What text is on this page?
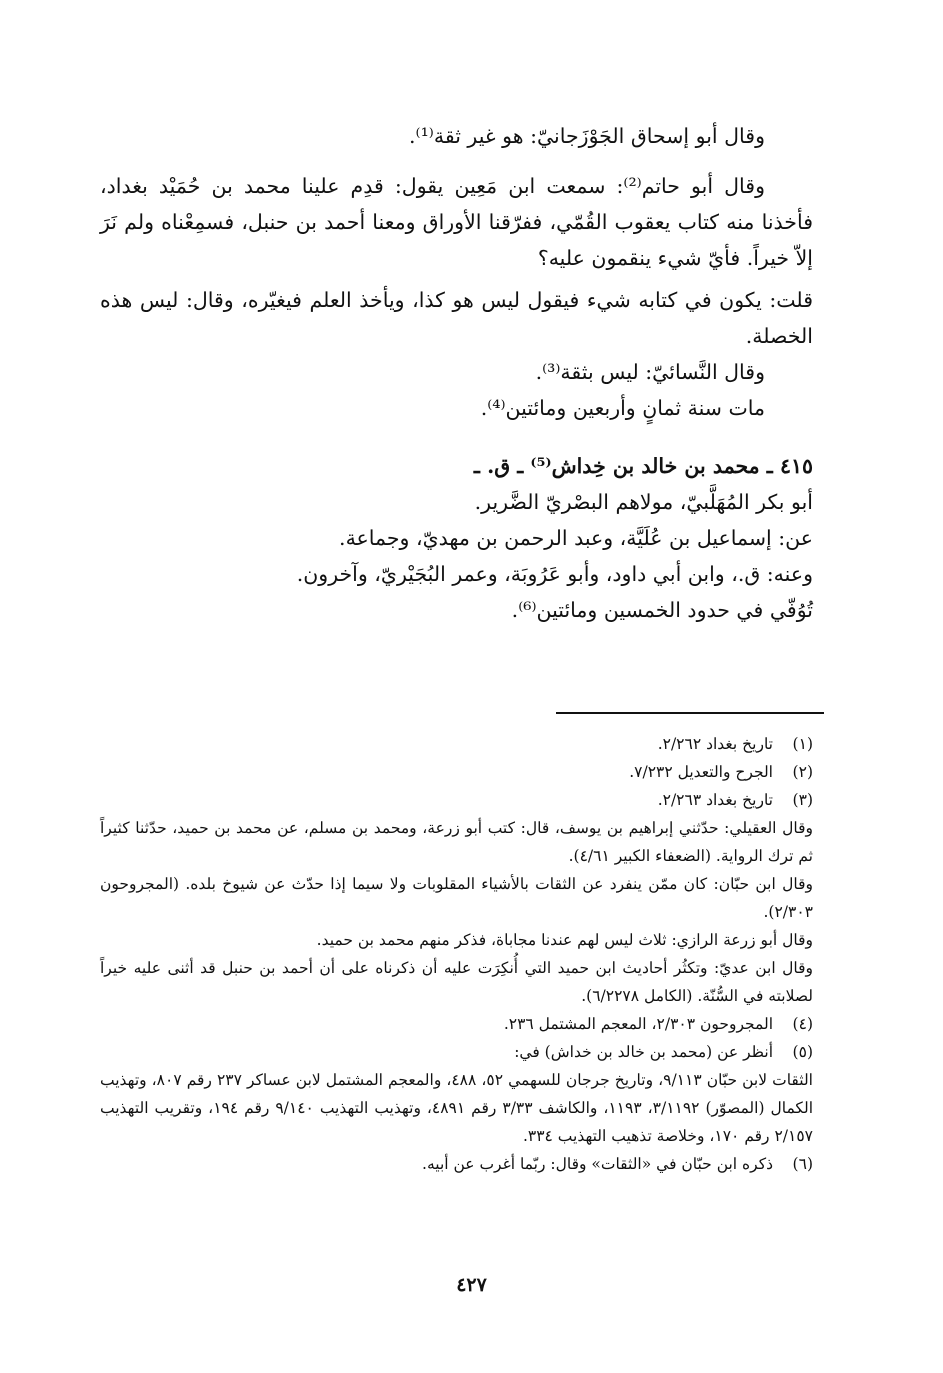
وقال أبو إسحاق الجَوْزَجانيّ: هو غير ثقة⁽¹⁾.

وقال أبو حاتم⁽²⁾: سمعت ابن مَعِين يقول: قدِم علينا محمد بن حُمَيْد بغداد، فأخذنا منه كتاب يعقوب القُمّي، ففرّقنا الأوراق ومعنا أحمد بن حنبل، فسمِعْناه ولم نَرَ إلاّ خيراً. فأيّ شيء ينقمون عليه؟

قلت: يكون في كتابه شيء فيقول ليس هو كذا، ويأخذ العلم فيغيّره، وقال: ليس هذه الخصلة.

وقال النَّسائيّ: ليس بثقة⁽³⁾.

مات سنة ثمانٍ وأربعين ومائتين⁽⁴⁾.

٤١٥ ـ محمد بن خالد بن خِداش⁽⁵⁾ ـ ق. ـ

أبو بكر المُهَلَّبيّ، مولاهم البصْريّ الضَّرير.

عن: إسماعيل بن عُلَيَّة، وعبد الرحمن بن مهديّ، وجماعة.

وعنه: ق.، وابن أبي داود، وأبو عَرُوبَة، وعمر البُجَيْريّ، وآخرون.

تُوُفّي في حدود الخمسين ومائتين⁽⁶⁾.

(١)تاريخ بغداد ٢/٢٦٢.

(٢)الجرح والتعديل ٧/٢٣٢.

(٣)تاريخ بغداد ٢/٢٦٣.

وقال العقيلي: حدّثني إبراهيم بن يوسف، قال: كتب أبو زرعة، ومحمد بن مسلم، عن محمد بن حميد، حدّثنا كثيراً ثم ترك الرواية. (الضعفاء الكبير ٤/٦١).

وقال ابن حبّان: كان ممّن ينفرد عن الثقات بالأشياء المقلوبات ولا سيما إذا حدّث عن شيوخ بلده. (المجروحون ٢/٣٠٣).

وقال أبو زرعة الرازي: ثلاث ليس لهم عندنا مجاباة، فذكر منهم محمد بن حميد.

وقال ابن عديّ: وتكثُر أحاديث ابن حميد التي أُنكِرَت عليه أن ذكرناه على أن أحمد بن حنبل قد أثنى عليه خيراً لصلابته في السُّنّة. (الكامل ٦/٢٢٧٨).

(٤)المجروحون ٢/٣٠٣، المعجم المشتمل ٢٣٦.

(٥)أنظر عن (محمد بن خالد بن خداش) في:

الثقات لابن حبّان ٩/١١٣، وتاريخ جرجان للسهمي ٥٢، ٤٨٨، والمعجم المشتمل لابن عساكر ٢٣٧ رقم ٨٠٧، وتهذيب الكمال (المصوّر) ٣/١١٩٢، ١١٩٣، والكاشف ٣/٣٣ رقم ٤٨٩١، وتهذيب التهذيب ٩/١٤٠ رقم ١٩٤، وتقريب التهذيب ٢/١٥٧ رقم ١٧٠، وخلاصة تذهيب التهذيب ٣٣٤.

(٦)ذكره ابن حبّان في «الثقات» وقال: ربّما أغرب عن أبيه.

٤٢٧
